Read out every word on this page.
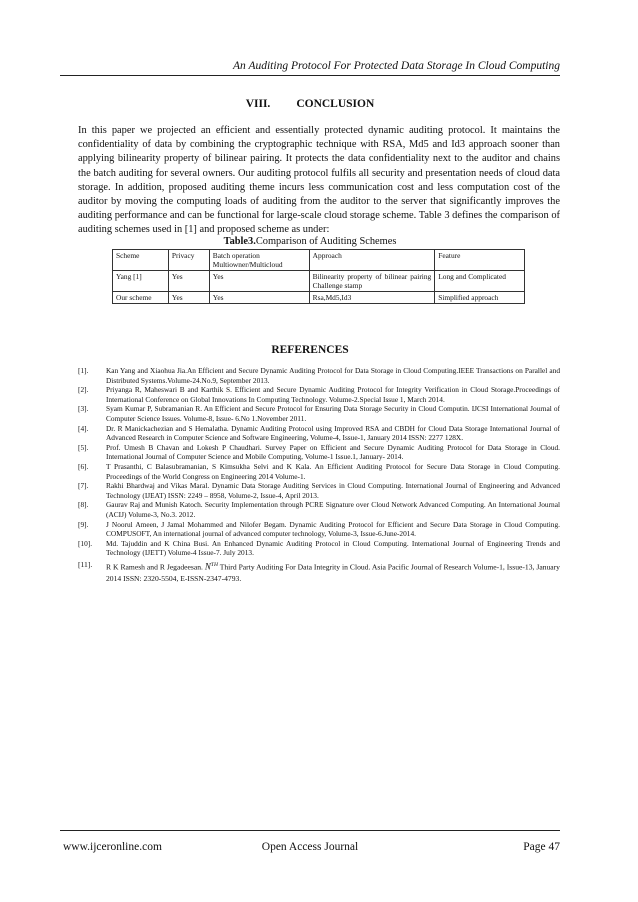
An Auditing Protocol For Protected Data Storage In Cloud Computing
VIII. CONCLUSION
In this paper we projected an efficient and essentially protected dynamic auditing protocol. It maintains the confidentiality of data by combining the cryptographic technique with RSA, Md5 and Id3 approach sooner than applying bilinearity property of bilinear pairing. It protects the data confidentiality next to the auditor and chains the batch auditing for several owners. Our auditing protocol fulfils all security and presentation needs of cloud data storage. In addition, proposed auditing theme incurs less communication cost and less computation cost of the auditor by moving the computing loads of auditing from the auditor to the server that significantly improves the auditing performance and can be functional for large-scale cloud storage scheme. Table 3 defines the comparison of auditing schemes used in [1] and proposed scheme as under:
Table3.Comparison of Auditing Schemes
Scheme	Privacy	Batch operation Multiowner/Multicloud	Approach	Feature
Yang [1]	Yes	Yes	Bilinearity property of bilinear pairing Challenge stamp	Long and Complicated
Our scheme	Yes	Yes	Rsa,Md5,Id3	Simplified approach
REFERENCES
[1]. Kan Yang and Xiaohua Jia.An Efficient and Secure Dynamic Auditing Protocol for Data Storage in Cloud Computing.IEEE Transactions on Parallel and Distributed Systems.Volume-24.No.9, September 2013.
[2]. Priyanga R, Maheswari B and Karthik S. Efficient and Secure Dynamic Auditing Protocol for Integrity Verification in Cloud Storage.Proceedings of International Conference on Global Innovations In Computing Technology. Volume-2.Special Issue 1, March 2014.
[3]. Syam Kumar P, Subramanian R. An Efficient and Secure Protocol for Ensuring Data Storage Security in Cloud Computin. IJCSI International Journal of Computer Science Issues. Volume-8, Issue- 6.No 1.November 2011.
[4]. Dr. R Manickachezian and S Hemalatha. Dynamic Auditing Protocol using Improved RSA and CBDH for Cloud Data Storage International Journal of Advanced Research in Computer Science and Software Engineering, Volume-4, Issue-1, January 2014 ISSN: 2277 128X.
[5]. Prof. Umesh B Chavan and Lokesh P Chaudhari. Survey Paper on Efficient and Secure Dynamic Auditing Protocol for Data Storage in Cloud. International Journal of Computer Science and Mobile Computing, Volume-1 Issue.1, January- 2014.
[6]. T Prasanthi, C Balasubramanian, S Kimsukha Selvi and K Kala. An Efficient Auditing Protocol for Secure Data Storage in Cloud Computing. Proceedings of the World Congress on Engineering 2014 Volume-1.
[7]. Rakhi Bhardwaj and Vikas Maral. Dynamic Data Storage Auditing Services in Cloud Computing. International Journal of Engineering and Advanced Technology (IJEAT) ISSN: 2249 – 8958, Volume-2, Issue-4, April 2013.
[8]. Gaurav Raj and Munish Katoch. Security Implementation through PCRE Signature over Cloud Network Advanced Computing. An International Journal (ACIJ) Volume-3, No.3. 2012.
[9]. J Noorul Ameen, J Jamal Mohammed and Nilofer Begam. Dynamic Auditing Protocol for Efficient and Secure Data Storage in Cloud Computing. COMPUSOFT, An international journal of advanced computer technology, Volume-3, Issue-6.June-2014.
[10]. Md. Tajuddin and K China Busi. An Enhanced Dynamic Auditing Protocol in Cloud Computing. International Journal of Engineering Trends and Technology (IJETT) Volume-4 Issue-7. July 2013.
[11]. R K Ramesh and R Jegadeesan. $N^{TH}$ Third Party Auditing For Data Integrity in Cloud. Asia Pacific Journal of Research Volume-1, Issue-13, January 2014 ISSN: 2320-5504, E-ISSN-2347-4793.
Open Access Journal
www.ijceronline.com	Page 47
